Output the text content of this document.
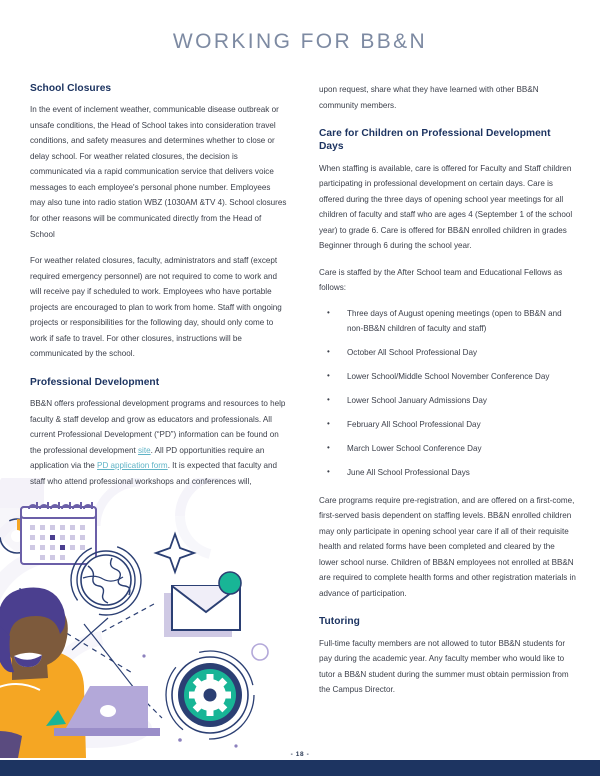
WORKING FOR BB&N
School Closures

In the event of inclement weather, communicable disease outbreak or unsafe conditions, the Head of School takes into consideration travel conditions, and safety measures and determines whether to close or delay school. For weather related closures, the decision is communicated via a rapid communication service that delivers voice messages to each employee's personal phone number. Employees may also tune into radio station WBZ (1030AM &TV 4). School closures for other reasons will be communicated directly from the Head of School

For weather related closures, faculty, administrators and staff (except required emergency personnel) are not required to come to work and will receive pay if scheduled to work. Employees who have portable projects are encouraged to plan to work from home. Staff with ongoing projects or responsibilities for the following day, should only come to work if safe to travel. For other closures, instructions will be communicated by the school.

Professional Development

BB&N offers professional development programs and resources to help faculty & staff develop and grow as educators and professionals. All current Professional Development (“PD”) information can be found on the professional development site. All PD opportunities require an application via the PD application form. It is expected that faculty and staff who attend professional workshops and conferences will,

upon request, share what they have learned with other BB&N community members.

Care for Children on Professional Development Days

When staffing is available, care is offered for Faculty and Staff children participating in professional development on certain days. Care is offered during the three days of opening school year meetings for all children of faculty and staff who are ages 4 (September 1 of the school year) to grade 6. Care is offered for BB&N enrolled children in grades Beginner through 6 during the school year.

Care is staffed by the After School team and Educational Fellows as follows:

• Three days of August opening meetings (open to BB&N and non-BB&N children of faculty and staff)
• October All School Professional Day
• Lower School/Middle School November Conference Day
• Lower School January Admissions Day
• February All School Professional Day
• March Lower School Conference Day
• June All School Professional Days

Care programs require pre-registration, and are offered on a first-come, first-served basis dependent on staffing levels. BB&N enrolled children may only participate in opening school year care if all of their requisite health and related forms have been completed and cleared by the lower school nurse. Children of BB&N employees not enrolled at BB&N are required to complete health forms and other registration materials in advance of participation.

Tutoring

Full-time faculty members are not allowed to tutor BB&N students for pay during the academic year. Any faculty member who would like to tutor a BB&N student during the summer must obtain permission from the Campus Director.

- 18 -
